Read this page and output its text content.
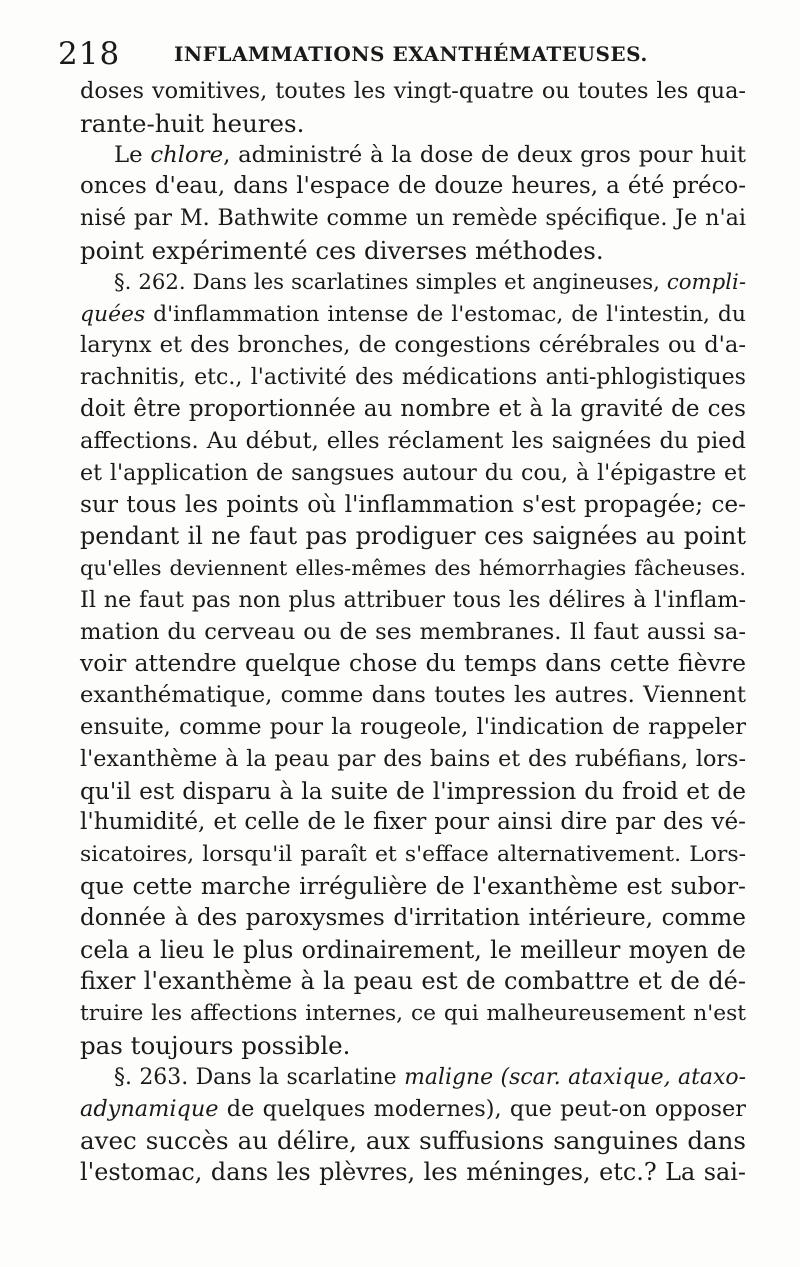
218	INFLAMMATIONS EXANTHÉMATEUSES.
doses vomitives, toutes les vingt-quatre ou toutes les qua-
rante-huit heures.
Le chlore, administré à la dose de deux gros pour huit
onces d'eau, dans l'espace de douze heures, a été préco-
nisé par M. Bathwite comme un remède spécifique. Je n'ai
point expérimenté ces diverses méthodes.
§. 262. Dans les scarlatines simples et angineuses, compli-
quées d'inflammation intense de l'estomac, de l'intestin, du
larynx et des bronches, de congestions cérébrales ou d'a-
rachnitis, etc., l'activité des médications anti-phlogistiques
doit être proportionnée au nombre et à la gravité de ces
affections. Au début, elles réclament les saignées du pied
et l'application de sangsues autour du cou, à l'épigastre et
sur tous les points où l'inflammation s'est propagée; ce-
pendant il ne faut pas prodiguer ces saignées au point
qu'elles deviennent elles-mêmes des hémorrhagies fâcheuses.
Il ne faut pas non plus attribuer tous les délires à l'inflam-
mation du cerveau ou de ses membranes. Il faut aussi sa-
voir attendre quelque chose du temps dans cette fièvre
exanthématique, comme dans toutes les autres. Viennent
ensuite, comme pour la rougeole, l'indication de rappeler
l'exanthème à la peau par des bains et des rubéfians, lors-
qu'il est disparu à la suite de l'impression du froid et de
l'humidité, et celle de le fixer pour ainsi dire par des vé-
sicatoires, lorsqu'il paraît et s'efface alternativement. Lors-
que cette marche irrégulière de l'exanthème est subor-
donnée à des paroxysmes d'irritation intérieure, comme
cela a lieu le plus ordinairement, le meilleur moyen de
fixer l'exanthème à la peau est de combattre et de dé-
truire les affections internes, ce qui malheureusement n'est
pas toujours possible.
§. 263. Dans la scarlatine maligne (scar. ataxique, ataxo-
adynamique de quelques modernes), que peut-on opposer
avec succès au délire, aux suffusions sanguines dans
l'estomac, dans les plèvres, les méninges, etc.? La sai-
